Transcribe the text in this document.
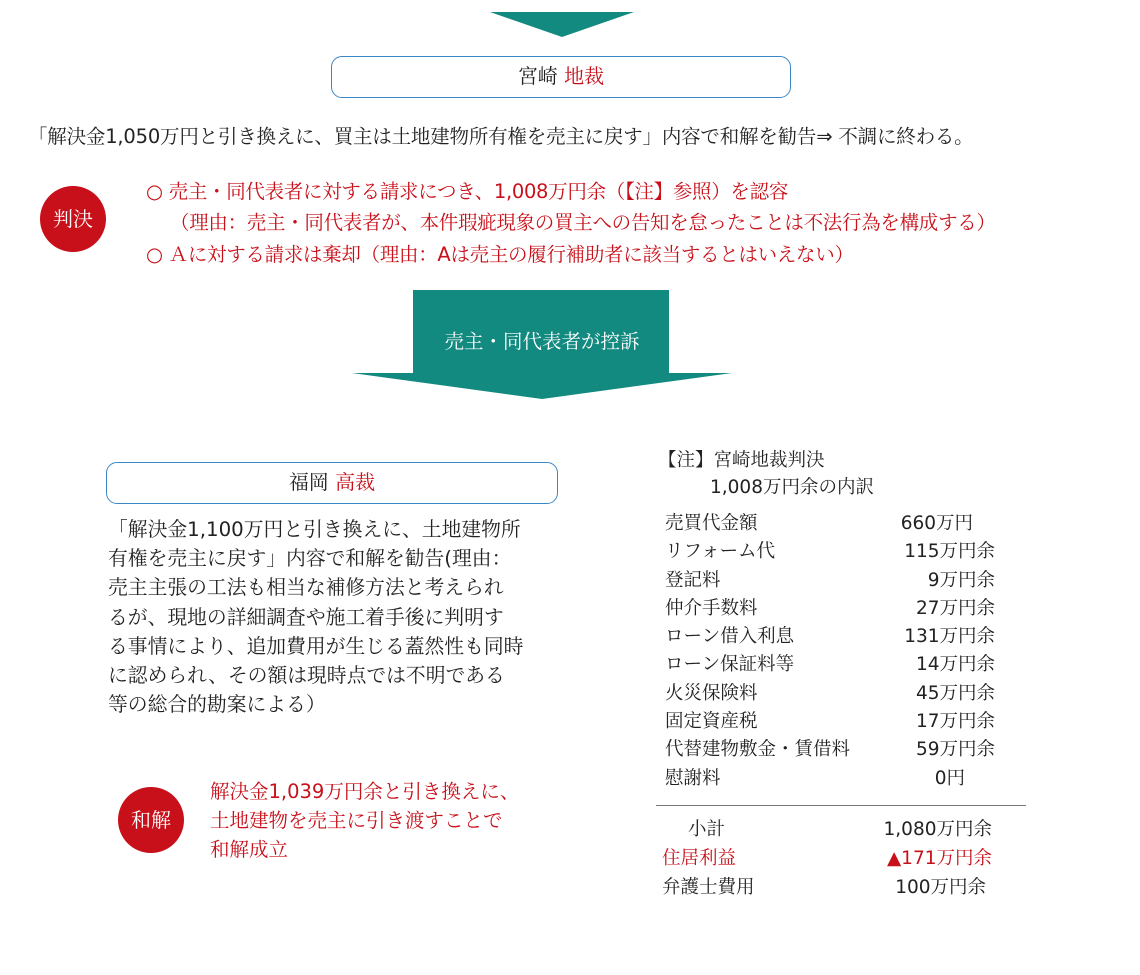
宮崎 地裁
「解決金1,050万円と引き換えに、買主は土地建物所有権を売主に戻す」内容で和解を勧告⇒ 不調に終わる。
判決
○ 売主・同代表者に対する請求につき、1,008万円余（【注】参照）を認容
（理由：売主・同代表者が、本件瑕疵現象の買主への告知を怠ったことは不法行為を構成する）
○ Ａに対する請求は棄却（理由：Aは売主の履行補助者に該当するとはいえない）
売主・同代表者が控訴
福岡 高裁
「解決金1,100万円と引き換えに、土地建物所
有権を売主に戻す」内容で和解を勧告(理由：
売主主張の工法も相当な補修方法と考えられ
るが、現地の詳細調査や施工着手後に判明す
る事情により、追加費用が生じる蓋然性も同時
に認められ、その額は現時点では不明である
等の総合的勘案による）
和解
解決金1,039万円余と引き換えに、
土地建物を売主に引き渡すことで
和解成立
【注】宮崎地裁判決
1,008万円余の内訳
売買代金額	660万円
リフォーム代	115万円余
登記料	9万円余
仲介手数料	27万円余
ローン借入利息	131万円余
ローン保証料等	14万円余
火災保険料	45万円余
固定資産税	17万円余
代替建物敷金・賃借料	59万円余
慰謝料	0円
小計	1,080万円余
住居利益	▲171万円余
弁護士費用	100万円余
